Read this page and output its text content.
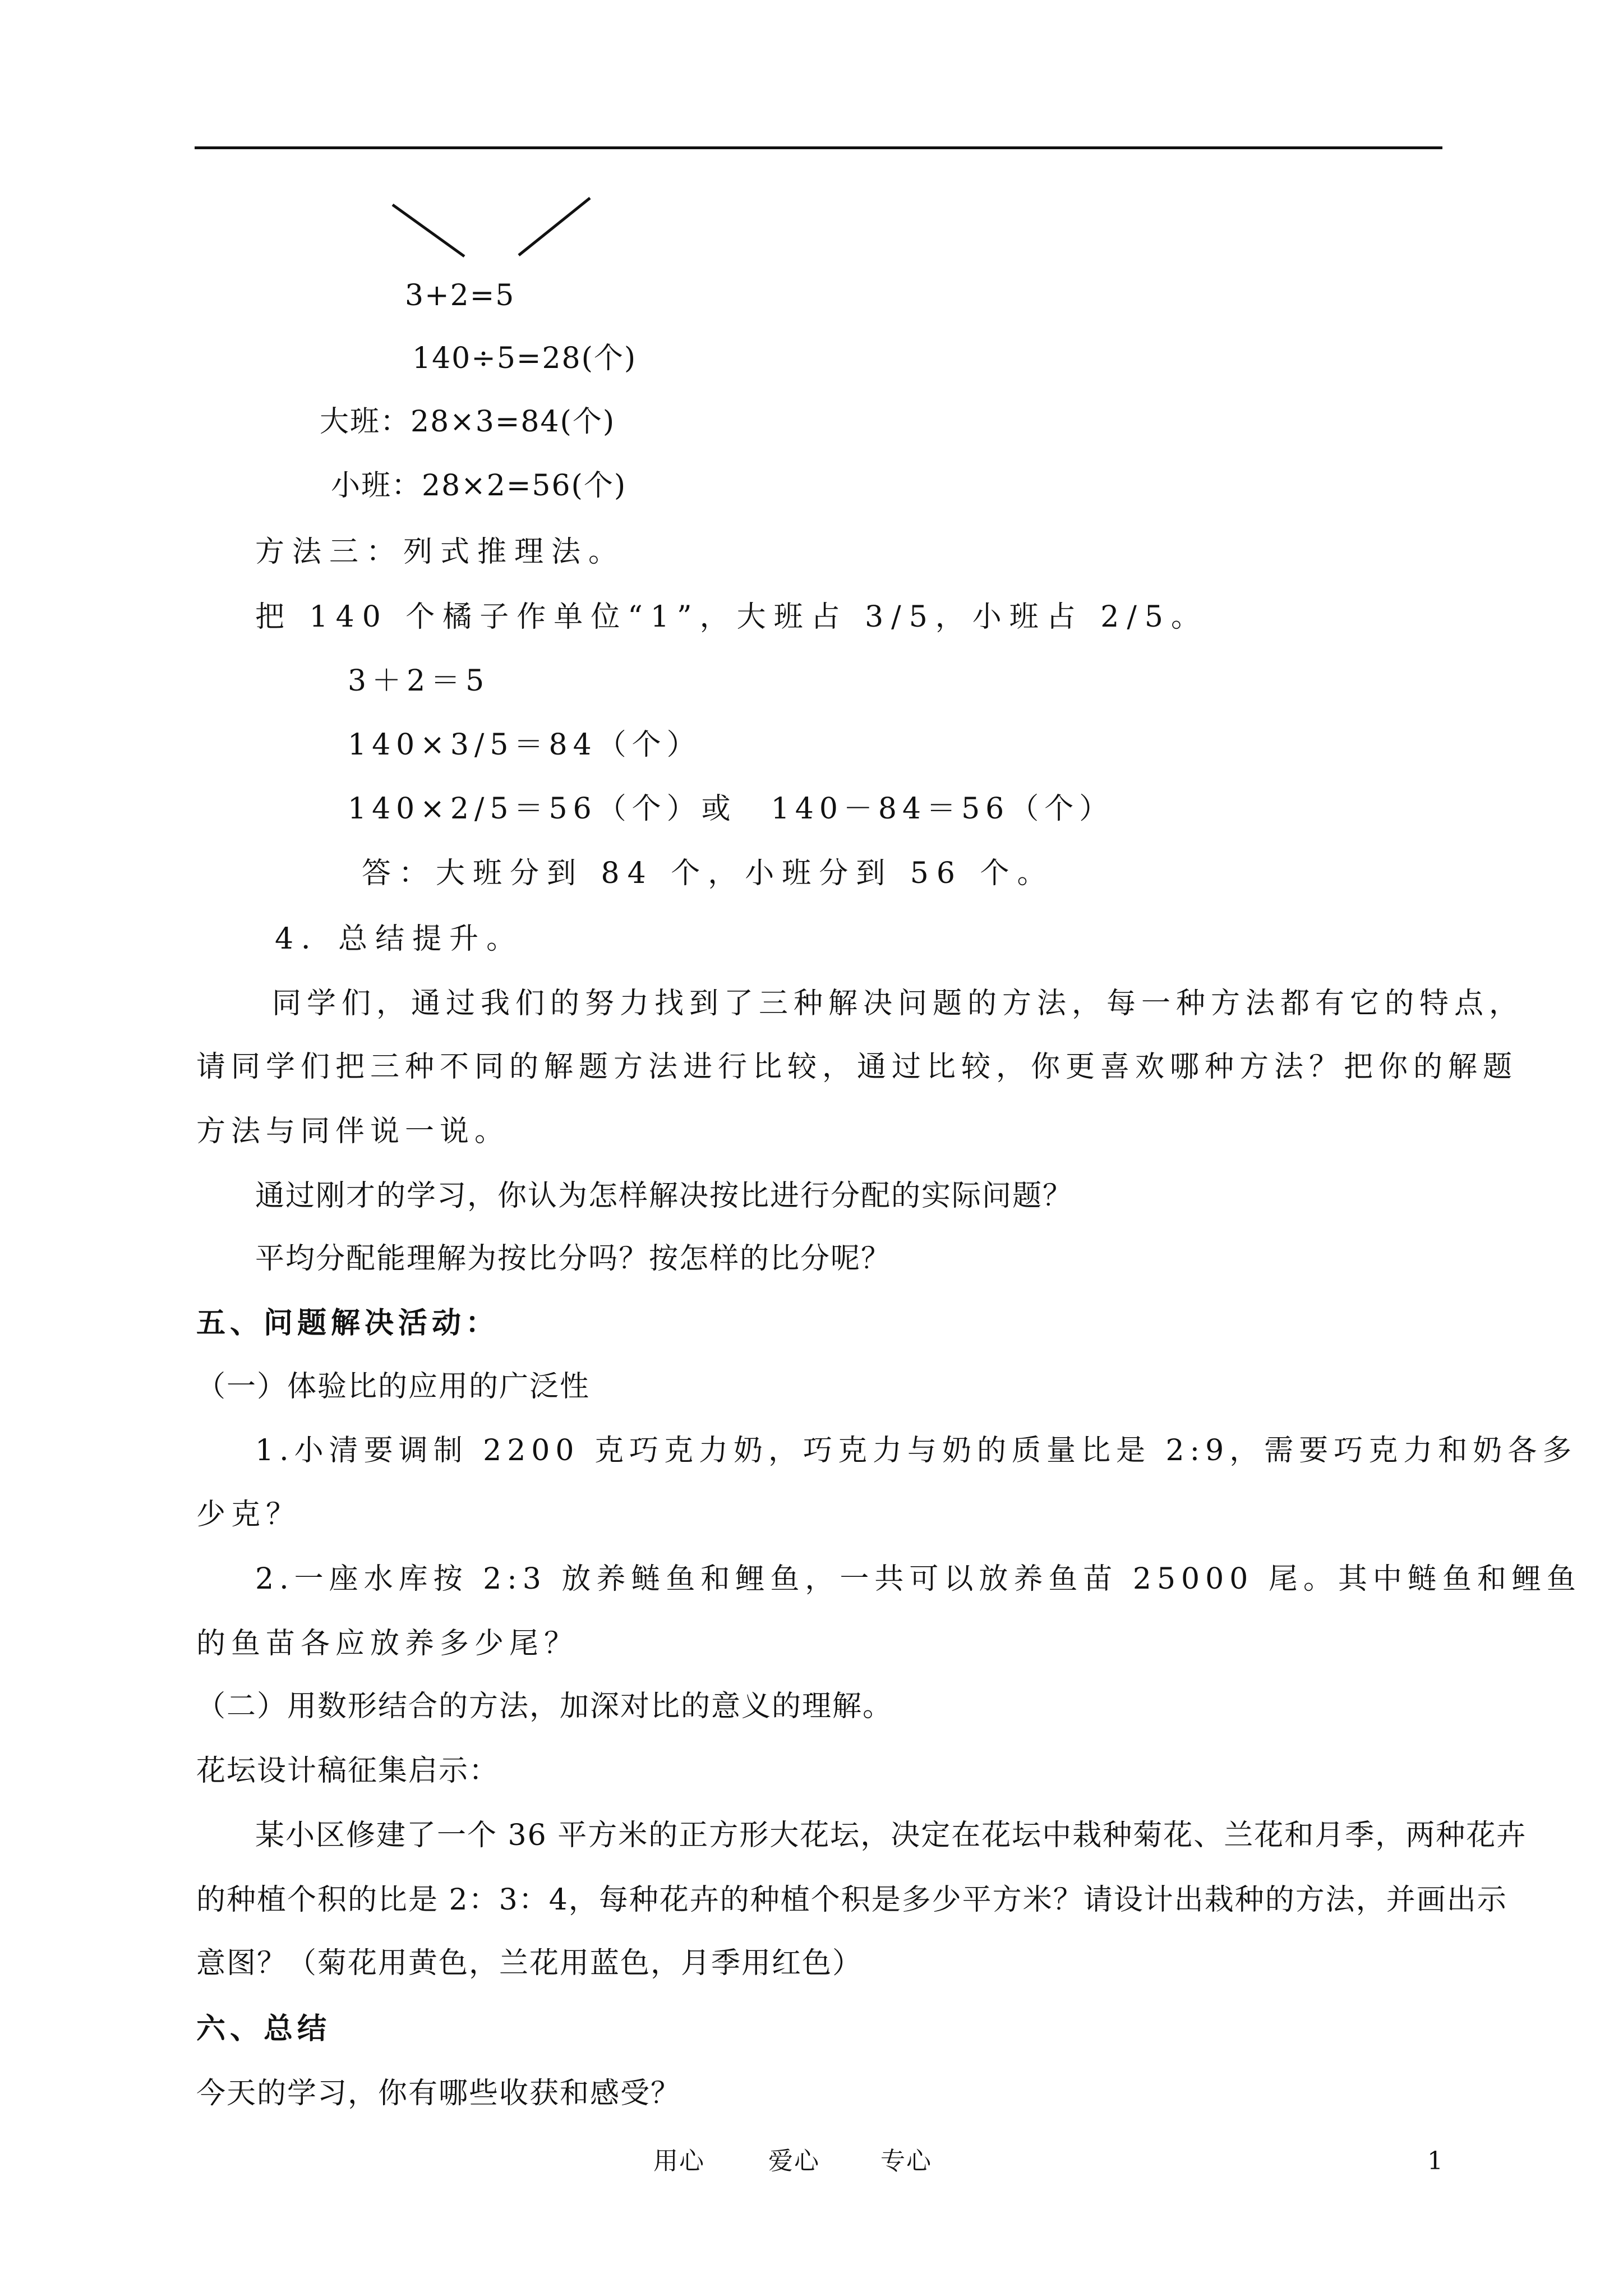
3+2=5
140÷5=28(个)
大班：28×3=84(个)
小班：28×2=56(个)
方法三：列式推理法。
把 140 个橘子作单位“1”，大班占 3/5，小班占 2/5。
3＋2＝5
140×3/5＝84（个）
140×2/5＝56（个）或　140－84＝56（个）
答：大班分到 84 个，小班分到 56 个。
4．总结提升。
同学们，通过我们的努力找到了三种解决问题的方法，每一种方法都有它的特点，
请同学们把三种不同的解题方法进行比较，通过比较，你更喜欢哪种方法？把你的解题
方法与同伴说一说。
通过刚才的学习，你认为怎样解决按比进行分配的实际问题？
平均分配能理解为按比分吗？按怎样的比分呢？
五、问题解决活动：
（一）体验比的应用的广泛性
1.小清要调制 2200 克巧克力奶，巧克力与奶的质量比是 2:9，需要巧克力和奶各多
少克？
2.一座水库按 2:3 放养鲢鱼和鲤鱼，一共可以放养鱼苗 25000 尾。其中鲢鱼和鲤鱼
的鱼苗各应放养多少尾？
（二）用数形结合的方法，加深对比的意义的理解。
花坛设计稿征集启示：
某小区修建了一个 36 平方米的正方形大花坛，决定在花坛中栽种菊花、兰花和月季，两种花卉
的种植个积的比是 2：3：4，每种花卉的种植个积是多少平方米？请设计出栽种的方法，并画出示
意图？（菊花用黄色，兰花用蓝色，月季用红色）
六、总结
今天的学习，你有哪些收获和感受？
用心	爱心 专心	1
